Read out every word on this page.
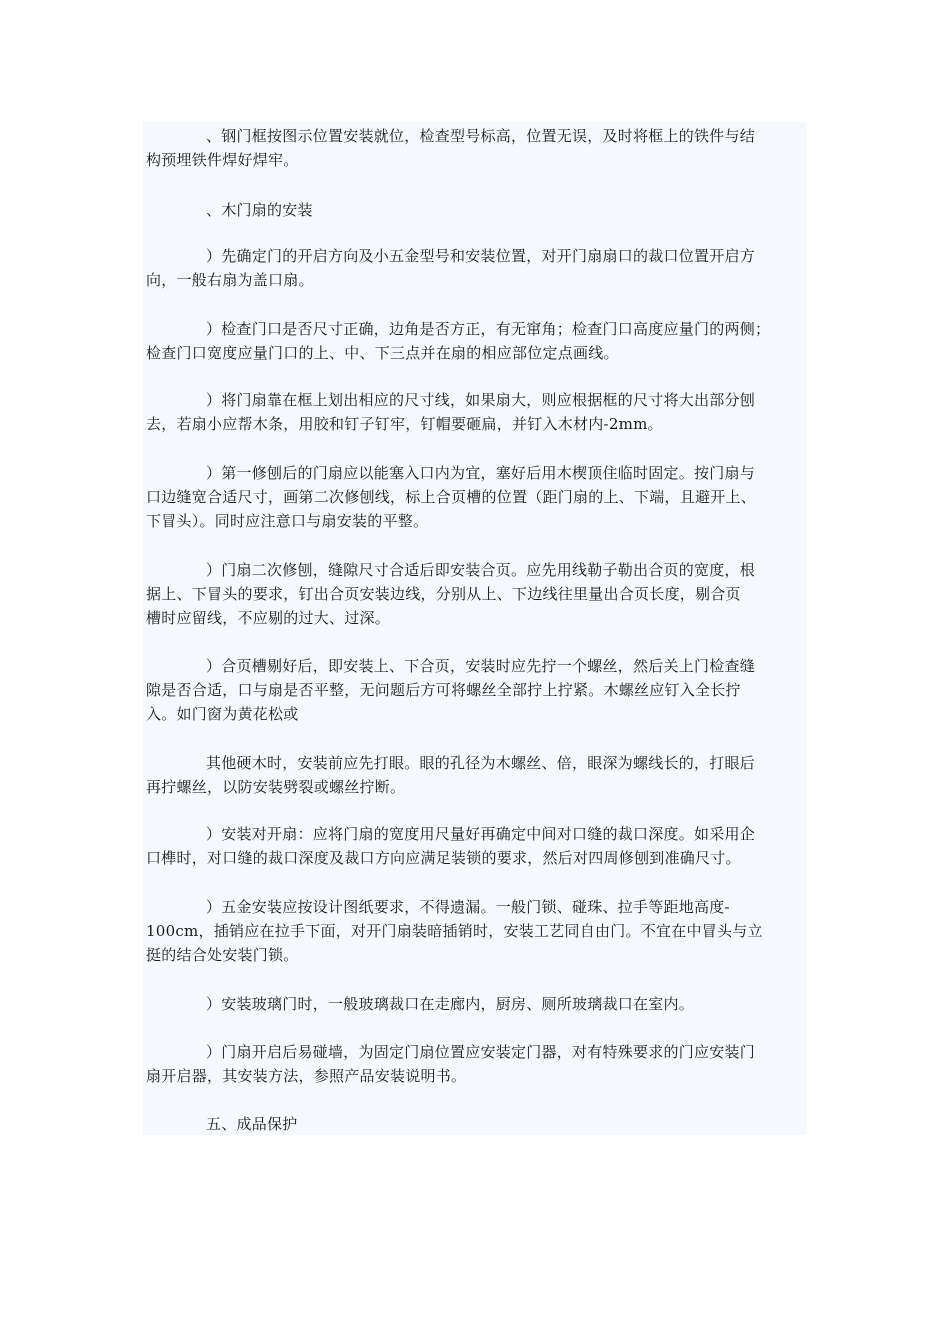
、钢门框按图示位置安装就位，检查型号标高，位置无误，及时将框上的铁件与结
构预埋铁件焊好焊牢。

、木门扇的安装

）先确定门的开启方向及小五金型号和安装位置，对开门扇扇口的裁口位置开启方
向，一般右扇为盖口扇。

）检查门口是否尺寸正确，边角是否方正，有无窜角；检查门口高度应量门的两侧；
检查门口宽度应量门口的上、中、下三点并在扇的相应部位定点画线。

）将门扇靠在框上划出相应的尺寸线，如果扇大，则应根据框的尺寸将大出部分刨
去，若扇小应帮木条，用胶和钉子钉牢，钉帽要砸扁，并钉入木材内-2mm。

）第一修刨后的门扇应以能塞入口内为宜，塞好后用木楔顶住临时固定。按门扇与
口边缝宽合适尺寸，画第二次修刨线，标上合页槽的位置（距门扇的上、下端，且避开上、
下冒头）。同时应注意口与扇安装的平整。

）门扇二次修刨，缝隙尺寸合适后即安装合页。应先用线勒子勒出合页的宽度，根
据上、下冒头的要求，钉出合页安装边线，分别从上、下边线往里量出合页长度，剔合页
槽时应留线，不应剔的过大、过深。

）合页槽剔好后，即安装上、下合页，安装时应先拧一个螺丝，然后关上门检查缝
隙是否合适，口与扇是否平整，无问题后方可将螺丝全部拧上拧紧。木螺丝应钉入全长拧
入。如门窗为黄花松或

其他硬木时，安装前应先打眼。眼的孔径为木螺丝、倍，眼深为螺线长的，打眼后
再拧螺丝，以防安装劈裂或螺丝拧断。

）安装对开扇：应将门扇的宽度用尺量好再确定中间对口缝的裁口深度。如采用企
口榫时，对口缝的裁口深度及裁口方向应满足装锁的要求，然后对四周修刨到准确尺寸。

）五金安装应按设计图纸要求，不得遗漏。一般门锁、碰珠、拉手等距地高度-
100cm，插销应在拉手下面，对开门扇装暗插销时，安装工艺同自由门。不宜在中冒头与立
挺的结合处安装门锁。

）安装玻璃门时，一般玻璃裁口在走廊内，厨房、厕所玻璃裁口在室内。

）门扇开启后易碰墙，为固定门扇位置应安装定门器，对有特殊要求的门应安装门
扇开启器，其安装方法，参照产品安装说明书。

五、成品保护
